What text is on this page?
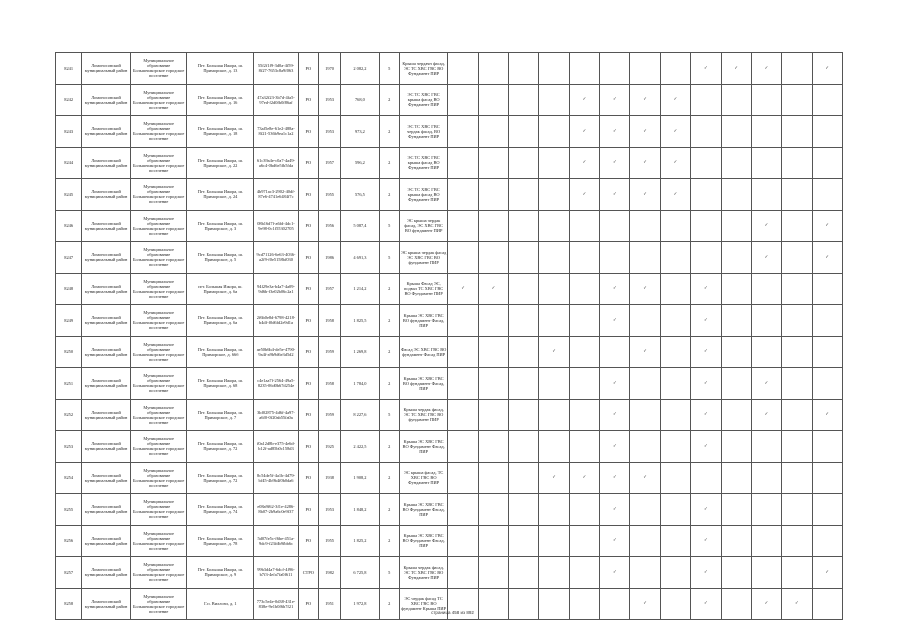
8241	Ломоносовский муниципальный район	Муниципальное образование Большеижорское городское поселение	Пгт. Большая Ижора, ш. Приморское, д. 13	55f2f1f9-3d0a-4f59-8f27-7653c8a9f063	РО	1970	2 082,2	5	Крыша чердачн фасад, ЭС ТС ХВС ГВС ВО Фундамент ПИР									✓	✓	✓		✓
8242	Ломоносовский муниципальный район	Муниципальное образование Большеижорское городское поселение	Пгт. Большая Ижора, ш. Приморское, д. 16	47a32f23-3b7d-4fa5-97ed-f2d0fb0f86af	РО	1953	768,0	2	ЭС ТС ХВС ГВС крыша фасад ВО Фундамент ПИР					✓	✓	✓	✓					
8243	Ломоносовский муниципальный район	Муниципальное образование Большеижорское городское поселение	Пгт. Большая Ижора, ш. Приморское, д. 18	73af5e8e-61e2-488a-8f21-536b9ea1c1a2	РО	1953	973,2	2	ЭС ТС ХВС ГВС чердак фасад, ВО Фундамент ПИР					✓	✓	✓	✓					
8244	Ломоносовский муниципальный район	Муниципальное образование Большеижорское городское поселение	Пгт. Большая Ижора, ш. Приморское, д. 22	61c39a4e-c0a7-4a49-a6c4-0bd6e5fb5fda	РО	1957	596,2	2	ЭС ТС ХВС ГВС крыша фасад ВО Фундамент ПИР					✓	✓	✓	✓					
8245	Ломоносовский муниципальный район	Муниципальное образование Большеижорское городское поселение	Пгт. Большая Ижора, ш. Приморское, д. 24	4b971ac3-2902-40df-87e6-4741e6484f7c	РО	1955	576,5	2	ЭС ТС ХВС ГВС крыша фасад ВО Фундамент ПИР					✓	✓	✓	✓					
8246	Ломоносовский муниципальный район	Муниципальное образование Большеижорское городское поселение	Пгт. Большая Ижора, ш. Приморское, д. 3	08b16d7f-a6fd-4dc1-9e98-0c1f55302705	РО	1956	5 087,4	5	ЭС крыша чердак фасад, ЭС ХВС ГВС ВО фундамент ПИР											✓		✓
8247	Ломоносовский муниципальный район	Муниципальное образование Большеижорское городское поселение	Пгт. Большая Ижора, ш. Приморское, д. 5	9cd71126-6e63-4036-a2f9-f0e5158bf030	РО	1986	4 691,3	5	ЭС крыша чердак фасад ЭС ХВС ГВС ВО фундамент ПИР											✓		✓
8248	Ломоносовский муниципальный район	Муниципальное образование Большеижорское городское поселение	пгт. Большая Ижора, ш. Приморское, д. 6а	94f29e3a-b4a7-4a09-9d6b-f3e02b06c2a1	РО	1957	1 214,2	2	Крыша Фасад ЭС, подвал ТС ХВС ГВС ВО Фундамент ПИР	✓	✓				✓	✓		✓				
8249	Ломоносовский муниципальный район	Муниципальное образование Большеижорское городское поселение	Пгт. Большая Ижора, ш. Приморское, д. 6а	2f6b0e8d-6798-4218-b4df-f0d6fd2e9d1a	РО	1958	1 825,5	2	Крыша ЭС ХВС ГВС ВО фундамент Фасад, ПИР						✓			✓				
8250	Ломоносовский муниципальный район	Муниципальное образование Большеижорское городское поселение	Пгт. Большая Ижора, ш. Приморское, д. 66б	ae50b6b4-de5e-4790-9a4f-a9b9d6e3d5d2	РО	1959	1 269,8	2	Фасад ЭС ХВС ГВС ВО фундамент Фасад ПИР				✓			✓		✓				
8251	Ломоносовский муниципальный район	Муниципальное образование Большеижорское городское поселение	Пгт. Большая Ижора, ш. Приморское, д. 68	c4e1aa7f-2564-49a5-8235-06d0b67d254e	РО	1958	1 784,0	2	Крыша ЭС ХВС ГВС ВО фундамент Фасад, ПИР						✓			✓		✓		
8252	Ломоносовский муниципальный район	Муниципальное образование Большеижорское городское поселение	Пгт. Большая Ижора, ш. Приморское, д. 7	3bf02875-4d6f-4a97-a6f0-0f20ab55fa0a	РО	1959	8 227,6	5	Крыша чердак фасад, ЭС ТС ХВС ГВС ВО фундамент ПИР						✓			✓		✓		✓
8253	Ломоносовский муниципальный район	Муниципальное образование Большеижорское городское поселение	Пгт. Большая Ижора, ш. Приморское, д. 72	f0a12d8b-e375-4e6d-b12f-ad85b0c158d3	РО	1925	2 422,5	2	Крыша ЭС ХВС ГВС ВО Фундамент Фасад, ПИР						✓			✓				
8254	Ломоносовский муниципальный район	Муниципальное образование Большеижорское городское поселение	Пгт. Большая Ижора, ш. Приморское, д. 72	8c54de5f-4a1b-4d79-bf45-4b9b4f0b0da6	РО	1938	1 908,2	2	ЭС крыша фасад, ТС ХВС ГВС ВО Фундамент ПИР				✓	✓	✓	✓						
8255	Ломоносовский муниципальный район	Муниципальное образование Большеижорское городское поселение	Пгт. Большая Ижора, ш. Приморское, д. 74	e08a9f62-3f1e-4286-8b07-2b9a6c0e9f37	РО	1953	1 848,2	2	Крыша ЭС ХВС ГВС ВО Фундамент Фасад, ПИР						✓			✓				
8256	Ломоносовский муниципальный район	Муниципальное образование Большеижорское городское поселение	Пгт. Большая Ижора, ш. Приморское, д. 78	5d07fe5c-f6be-451a-9dc9-f23fdb9fbb6c	РО	1955	1 825,2	2	Крыша ЭС ХВС ГВС ВО Фундамент Фасад, ПИР						✓			✓				
8257	Ломоносовский муниципальный район	Муниципальное образование Большеижорское городское поселение	Пгт. Большая Ижора, ш. Приморское, д. 9	99b3d4a7-6dcf-4f96-b7f3-4efa7fa0f611	СТРО	1982	6 725,8	5	Крыша чердак фасад, ЭС ТС ХВС ГВС ВО Фундамент ПИР						✓			✓				✓
8258	Ломоносовский муниципальный район	Муниципальное образование Большеижорское городское поселение	Г.п. Виллози, д. 1	773c5e4e-0d38-431e-838e-9e1b0f6b7f21	РО	1951	1 972,8	2	ЭС чердак фасад ТС ХВС ГВС ВО фундамент Крыша ПИР							✓		✓		✓	✓	
страница 458 из 892
